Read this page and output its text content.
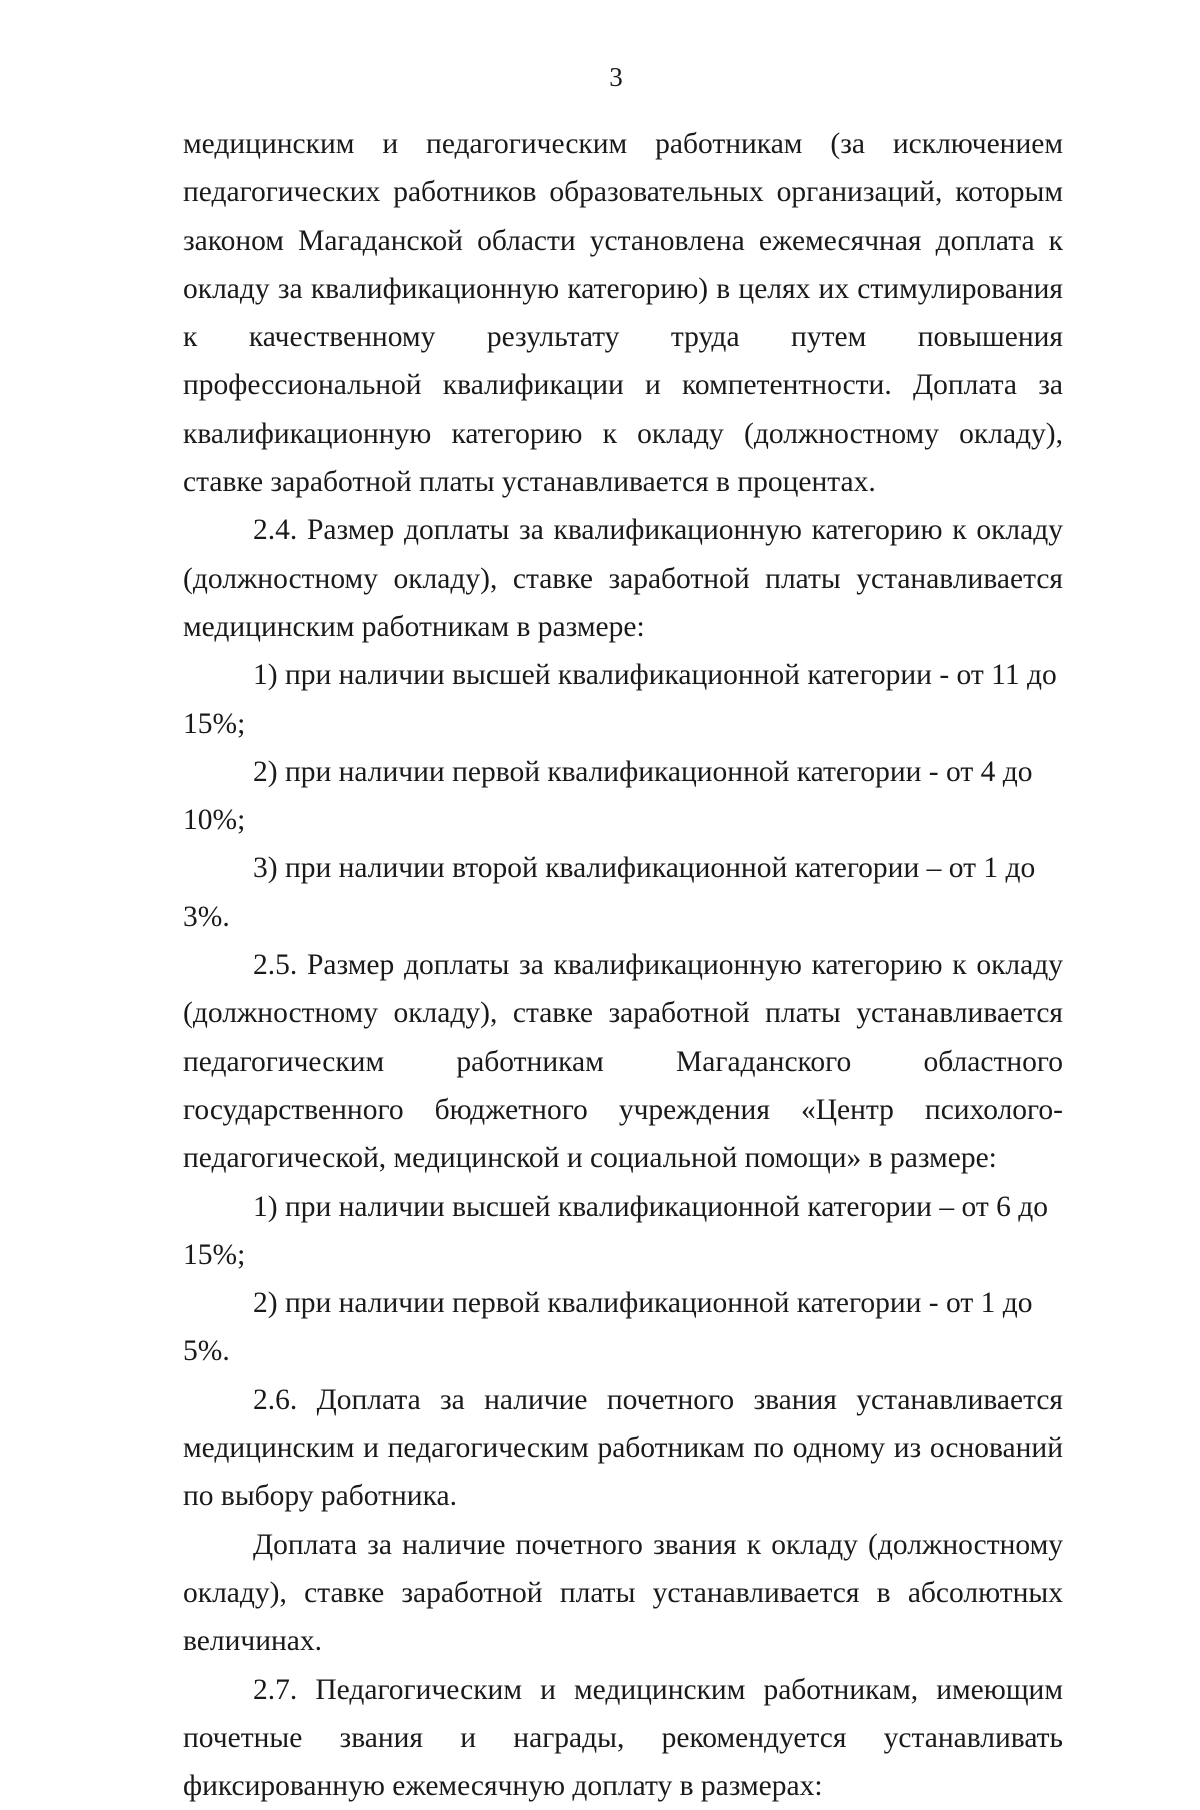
3

медицинским и педагогическим работникам (за исключением педагогических работников образовательных организаций, которым законом Магаданской области установлена ежемесячная доплата к окладу за квалификационную категорию) в целях их стимулирования к качественному результату труда путем повышения профессиональной квалификации и компетентности. Доплата за квалификационную категорию к окладу (должностному окладу), ставке заработной платы устанавливается в процентах.

2.4. Размер доплаты за квалификационную категорию к окладу (должностному окладу), ставке заработной платы устанавливается медицинским работникам в размере:

1) при наличии высшей квалификационной категории - от 11 до 15%;

2) при наличии первой квалификационной категории - от 4 до 10%;

3) при наличии второй квалификационной категории – от 1 до 3%.

2.5. Размер доплаты за квалификационную категорию к окладу (должностному окладу), ставке заработной платы устанавливается педагогическим работникам Магаданского областного государственного бюджетного учреждения «Центр психолого-педагогической, медицинской и социальной помощи» в размере:

1) при наличии высшей квалификационной категории – от 6 до 15%;

2) при наличии первой квалификационной категории - от 1 до 5%.

2.6. Доплата за наличие почетного звания устанавливается медицинским и педагогическим работникам по одному из оснований по выбору работника.

Доплата за наличие почетного звания к окладу (должностному окладу), ставке заработной платы устанавливается в абсолютных величинах.

2.7. Педагогическим и медицинским работникам, имеющим почетные звания и награды, рекомендуется устанавливать фиксированную ежемесячную доплату в размерах:
